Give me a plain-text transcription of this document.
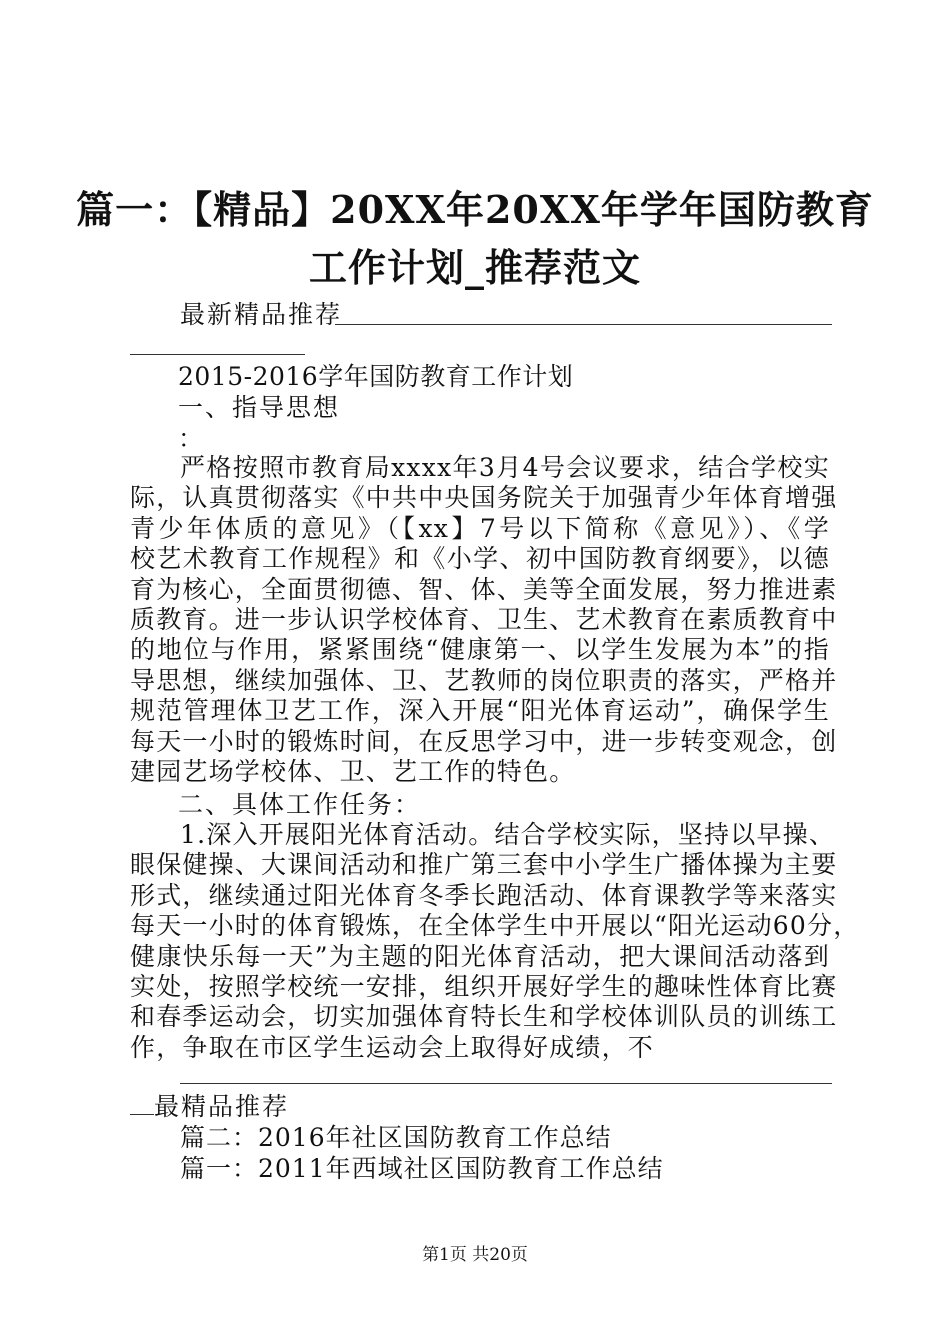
篇一：【精品】20XX年20XX年学年国防教育
工作计划_推荐范文
最新精品推荐
2015-2016学年国防教育工作计划
一、指导思想
：
严格按照市教育局xxxx年3月4号会议要求，结合学校实
际，认真贯彻落实《中共中央国务院关于加强青少年体育增强
青少年体质的意见》（【xx】7号以下简称《意见》）、《学
校艺术教育工作规程》和《小学、初中国防教育纲要》，以德
育为核心，全面贯彻德、智、体、美等全面发展，努力推进素
质教育。进一步认识学校体育、卫生、艺术教育在素质教育中
的地位与作用，紧紧围绕“健康第一、以学生发展为本”的指
导思想，继续加强体、卫、艺教师的岗位职责的落实，严格并
规范管理体卫艺工作，深入开展“阳光体育运动”，确保学生
每天一小时的锻炼时间，在反思学习中，进一步转变观念，创
建园艺场学校体、卫、艺工作的特色。
二、具体工作任务：
1.深入开展阳光体育活动。结合学校实际，坚持以早操、
眼保健操、大课间活动和推广第三套中小学生广播体操为主要
形式，继续通过阳光体育冬季长跑活动、体育课教学等来落实
每天一小时的体育锻炼，在全体学生中开展以“阳光运动60分，
健康快乐每一天”为主题的阳光体育活动，把大课间活动落到
实处，按照学校统一安排，组织开展好学生的趣味性体育比赛
和春季运动会，切实加强体育特长生和学校体训队员的训练工
作，争取在市区学生运动会上取得好成绩，不
最精品推荐
篇二：2016年社区国防教育工作总结
篇一：2011年西域社区国防教育工作总结
第1页 共20页
